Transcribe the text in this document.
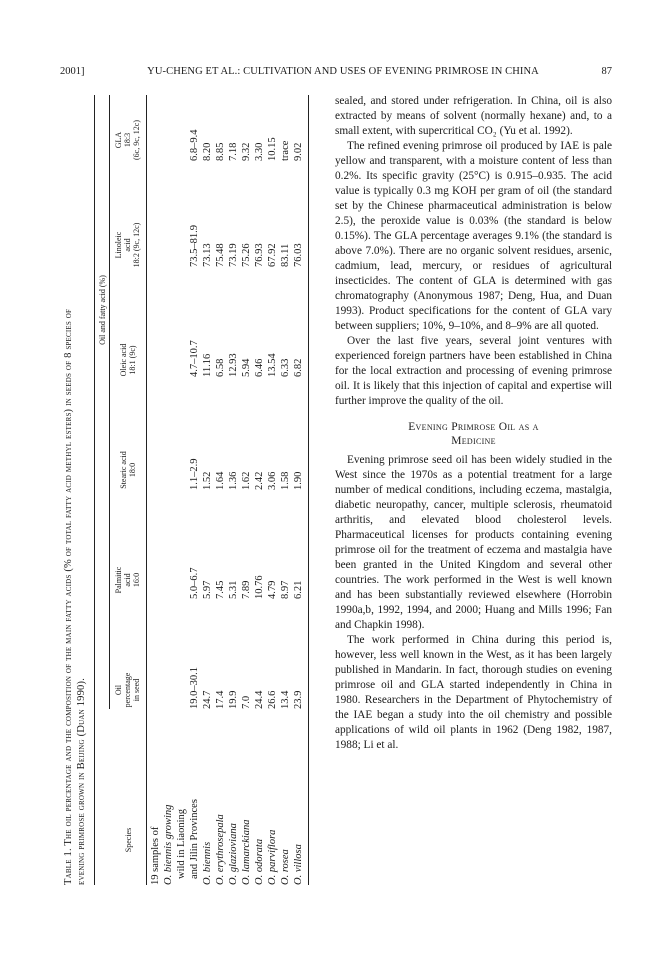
2001]	YU-CHENG ET AL.: CULTIVATION AND USES OF EVENING PRIMROSE IN CHINA	87
Table 1. The oil percentage and the composition of the main fatty acids (% of total fatty acid methyl esters) in seeds of 8 species of evening primrose grown in Beijing (Duan 1990).
Oil and fatty acid (%)
Species
Oil
percentage
in seed
Palmitic
acid
16:0
Stearic acid
18:0
Oleic acid
18:1 (9c)
Linoleic
acid
18:2 (9c, 12c)
GLA
18:3
(6c, 9c, 12c)
19 samples of O. biennis growing wild in Liaoning and Jilin Provinces
19.0–30.1
5.0–6.7
1.1–2.9
4.7–10.7
73.5–81.9
6.8–9.4
O. biennis
24.7
5.97
1.52
11.16
73.13
8.20
O. erythrosepala
17.4
7.45
1.64
6.58
75.48
8.85
O. glazioviana
19.9
5.31
1.36
12.93
73.19
7.18
O. lamarckiana
7.0
7.89
1.62
5.94
75.26
9.32
O. odorata
24.4
10.76
2.42
6.46
76.93
3.30
O. parviflora
26.6
4.79
3.06
13.54
67.92
10.15
O. rosea
13.4
8.97
1.58
6.33
83.11
trace
O. villosa
23.9
6.21
1.90
6.82
76.03
9.02

sealed, and stored under refrigeration. In China, oil is also extracted by means of solvent (normally hexane) and, to a small extent, with supercritical CO₂ (Yu et al. 1992).

The refined evening primrose oil produced by IAE is pale yellow and transparent, with a moisture content of less than 0.2%. Its specific gravity (25°C) is 0.915–0.935. The acid value is typically 0.3 mg KOH per gram of oil (the standard set by the Chinese pharmaceutical administration is below 2.5), the peroxide value is 0.03% (the standard is below 0.15%). The GLA percentage averages 9.1% (the standard is above 7.0%). There are no organic solvent residues, arsenic, cadmium, lead, mercury, or residues of agricultural insecticides. The content of GLA is determined with gas chromatography (Anonymous 1987; Deng, Hua, and Duan 1993). Product specifications for the content of GLA vary between suppliers; 10%, 9–10%, and 8–9% are all quoted.

Over the last five years, several joint ventures with experienced foreign partners have been established in China for the local extraction and processing of evening primrose oil. It is likely that this injection of capital and expertise will further improve the quality of the oil.

Evening Primrose Oil as a
Medicine

Evening primrose seed oil has been widely studied in the West since the 1970s as a potential treatment for a large number of medical conditions, including eczema, mastalgia, diabetic neuropathy, cancer, multiple sclerosis, rheumatoid arthritis, and elevated blood cholesterol levels. Pharmaceutical licenses for products containing evening primrose oil for the treatment of eczema and mastalgia have been granted in the United Kingdom and several other countries. The work performed in the West is well known and has been substantially reviewed elsewhere (Horrobin 1990a,b, 1992, 1994, and 2000; Huang and Mills 1996; Fan and Chapkin 1998).

The work performed in China during this period is, however, less well known in the West, as it has been largely published in Mandarin. In fact, thorough studies on evening primrose oil and GLA started independently in China in 1980. Researchers in the Department of Phytochemistry of the IAE began a study into the oil chemistry and possible applications of wild oil plants in 1962 (Deng 1982, 1987, 1988; Li et al.
